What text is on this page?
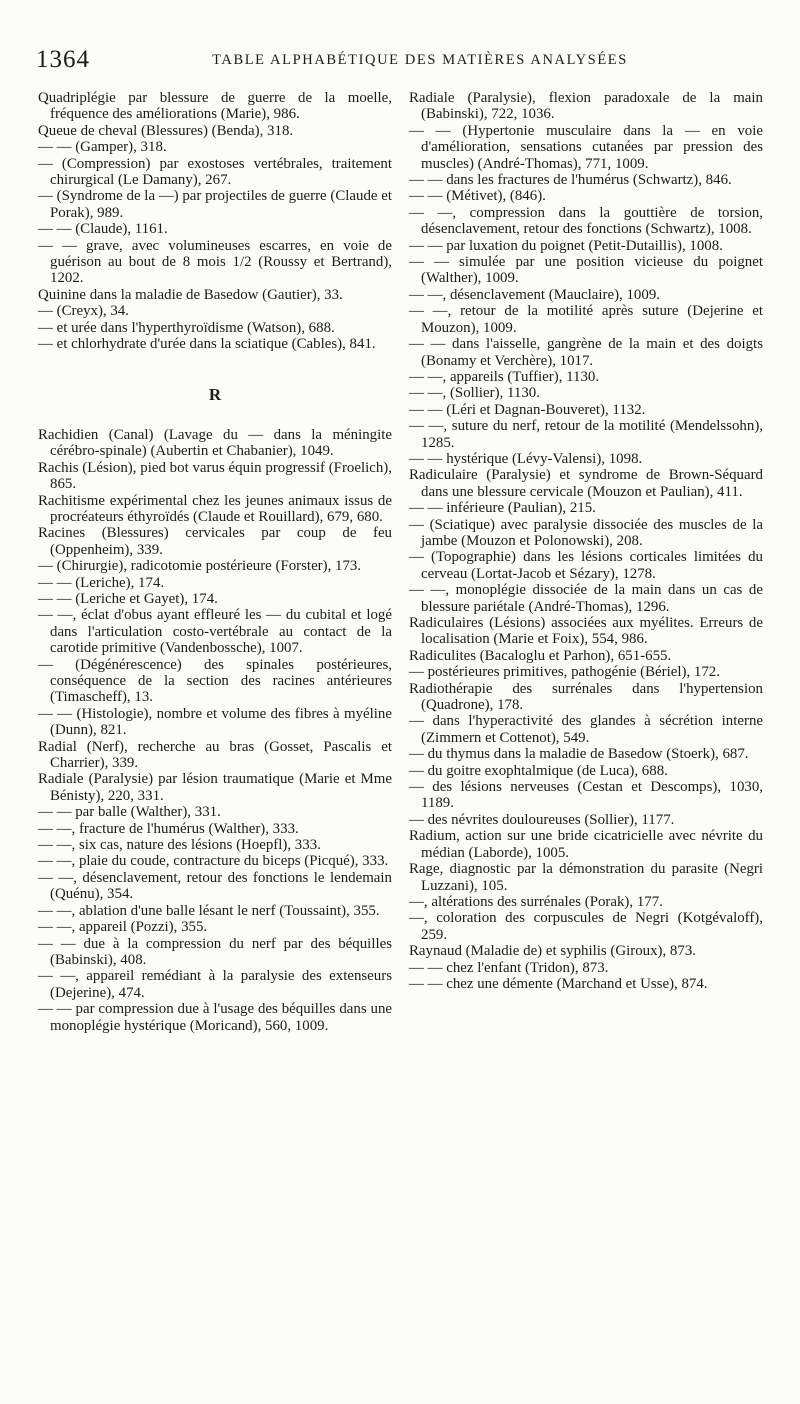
1364	TABLE ALPHABÉTIQUE DES MATIÈRES ANALYSÉES

Quadriplégie par blessure de guerre de la moelle, fréquence des améliorations (Marie), 986.

Queue de cheval (Blessures) (Benda), 318.

— — (Gamper), 318.

— (Compression) par exostoses vertébrales, traitement chirurgical (Le Damany), 267.

— (Syndrome de la —) par projectiles de guerre (Claude et Porak), 989.

— — (Claude), 1161.

— — grave, avec volumineuses escarres, en voie de guérison au bout de 8 mois 1/2 (Roussy et Bertrand), 1202.

Quinine dans la maladie de Basedow (Gautier), 33.

— (Creyx), 34.

— et urée dans l'hyperthyroïdisme (Watson), 688.

— et chlorhydrate d'urée dans la sciatique (Cables), 841.

R

Rachidien (Canal) (Lavage du — dans la méningite cérébro-spinale) (Aubertin et Chabanier), 1049.

Rachis (Lésion), pied bot varus équin progressif (Froelich), 865.

Rachitisme expérimental chez les jeunes animaux issus de procréateurs éthyroïdés (Claude et Rouillard), 679, 680.

Racines (Blessures) cervicales par coup de feu (Oppenheim), 339.

— (Chirurgie), radicotomie postérieure (Forster), 173.

— — (Leriche), 174.

— — (Leriche et Gayet), 174.

— —, éclat d'obus ayant effleuré les — du cubital et logé dans l'articulation costo-vertébrale au contact de la carotide primitive (Vandenbossche), 1007.

— (Dégénérescence) des spinales postérieures, conséquence de la section des racines antérieures (Timascheff), 13.

— — (Histologie), nombre et volume des fibres à myéline (Dunn), 821.

Radial (Nerf), recherche au bras (Gosset, Pascalis et Charrier), 339.

Radiale (Paralysie) par lésion traumatique (Marie et Mme Bénisty), 220, 331.

— — par balle (Walther), 331.

— —, fracture de l'humérus (Walther), 333.

— —, six cas, nature des lésions (Hoepfl), 333.

— —, plaie du coude, contracture du biceps (Picqué), 333.

— —, désenclavement, retour des fonctions le lendemain (Quénu), 354.

— —, ablation d'une balle lésant le nerf (Toussaint), 355.

— —, appareil (Pozzi), 355.

— — due à la compression du nerf par des béquilles (Babinski), 408.

— —, appareil remédiant à la paralysie des extenseurs (Dejerine), 474.

— — par compression due à l'usage des béquilles dans une monoplégie hystérique (Moricand), 560, 1009.

Radiale (Paralysie), flexion paradoxale de la main (Babinski), 722, 1036.

— — (Hypertonie musculaire dans la — en voie d'amélioration, sensations cutanées par pression des muscles) (André-Thomas), 771, 1009.

— — dans les fractures de l'humérus (Schwartz), 846.

— — (Métivet), (846).

— —, compression dans la gouttière de torsion, désenclavement, retour des fonctions (Schwartz), 1008.

— — par luxation du poignet (Petit-Dutaillis), 1008.

— — simulée par une position vicieuse du poignet (Walther), 1009.

— —, désenclavement (Mauclaire), 1009.

— —, retour de la motilité après suture (Dejerine et Mouzon), 1009.

— — dans l'aisselle, gangrène de la main et des doigts (Bonamy et Verchère), 1017.

— —, appareils (Tuffier), 1130.

— —, (Sollier), 1130.

— — (Léri et Dagnan-Bouveret), 1132.

— —, suture du nerf, retour de la motilité (Mendelssohn), 1285.

— — hystérique (Lévy-Valensi), 1098.

Radiculaire (Paralysie) et syndrome de Brown-Séquard dans une blessure cervicale (Mouzon et Paulian), 411.

— — inférieure (Paulian), 215.

— (Sciatique) avec paralysie dissociée des muscles de la jambe (Mouzon et Polonowski), 208.

— (Topographie) dans les lésions corticales limitées du cerveau (Lortat-Jacob et Sézary), 1278.

— —, monoplégie dissociée de la main dans un cas de blessure pariétale (André-Thomas), 1296.

Radiculaires (Lésions) associées aux myélites. Erreurs de localisation (Marie et Foix), 554, 986.

Radiculites (Bacaloglu et Parhon), 651-655.

— postérieures primitives, pathogénie (Bériel), 172.

Radiothérapie des surrénales dans l'hypertension (Quadrone), 178.

— dans l'hyperactivité des glandes à sécrétion interne (Zimmern et Cottenot), 549.

— du thymus dans la maladie de Basedow (Stoerk), 687.

— du goitre exophtalmique (de Luca), 688.

— des lésions nerveuses (Cestan et Descomps), 1030, 1189.

— des névrites douloureuses (Sollier), 1177.

Radium, action sur une bride cicatricielle avec névrite du médian (Laborde), 1005.

Rage, diagnostic par la démonstration du parasite (Negri Luzzani), 105.

—, altérations des surrénales (Porak), 177.

—, coloration des corpuscules de Negri (Kotgévaloff), 259.

Raynaud (Maladie de) et syphilis (Giroux), 873.

— — chez l'enfant (Tridon), 873.

— — chez une démente (Marchand et Usse), 874.
